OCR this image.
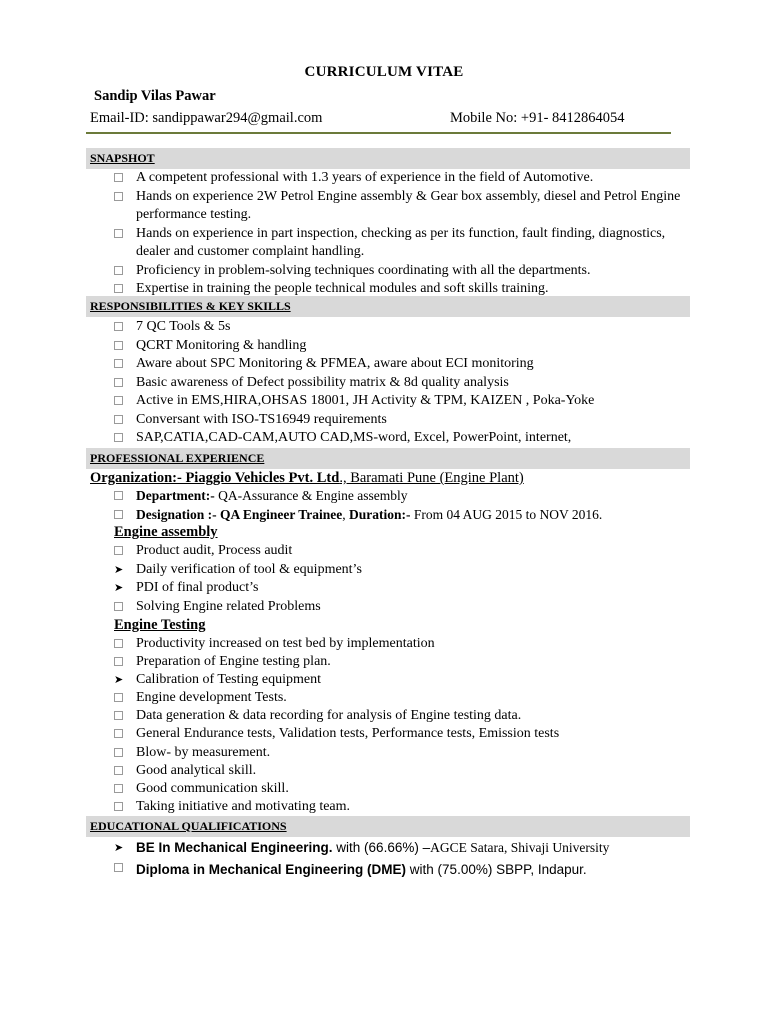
CURRICULUM VITAE
Sandip Vilas Pawar
Email-ID: sandippawar294@gmail.com	Mobile No: +91- 8412864054
SNAPSHOT
A competent professional with 1.3 years of experience in the field of Automotive.
Hands on experience 2W Petrol Engine assembly & Gear box assembly, diesel and Petrol Engine performance testing.
Hands on experience in part inspection, checking as per its function, fault finding, diagnostics, dealer and customer complaint handling.
Proficiency in problem-solving techniques coordinating with all the departments.
Expertise in training the people technical modules and soft skills training.
RESPONSIBILITIES & KEY SKILLS
7 QC Tools & 5s
QCRT Monitoring & handling
Aware about SPC Monitoring & PFMEA, aware about ECI monitoring
Basic awareness of Defect possibility matrix & 8d quality analysis
Active in EMS,HIRA,OHSAS 18001, JH Activity & TPM, KAIZEN , Poka-Yoke
Conversant with ISO-TS16949 requirements
SAP,CATIA,CAD-CAM,AUTO CAD,MS-word, Excel, PowerPoint, internet,
PROFESSIONAL EXPERIENCE
Organization:- Piaggio Vehicles Pvt. Ltd., Baramati Pune (Engine Plant)
Department:- QA-Assurance & Engine assembly
Designation :- QA Engineer Trainee, Duration:- From 04 AUG 2015 to NOV 2016.
Engine assembly
Product audit, Process audit
➤ Daily verification of tool & equipment’s
➤ PDI of final product’s
Solving Engine related Problems
Engine Testing
Productivity increased on test bed by implementation
Preparation of Engine testing plan.
➤ Calibration of Testing equipment
Engine development Tests.
Data generation & data recording for analysis of Engine testing data.
General Endurance tests, Validation tests, Performance tests, Emission tests
Blow- by measurement.
Good analytical skill.
Good communication skill.
Taking initiative and motivating team.
EDUCATIONAL QUALIFICATIONS
➤ BE In Mechanical Engineering. with (66.66%) –AGCE Satara, Shivaji University
Diploma in Mechanical Engineering (DME) with (75.00%) SBPP, Indapur.
